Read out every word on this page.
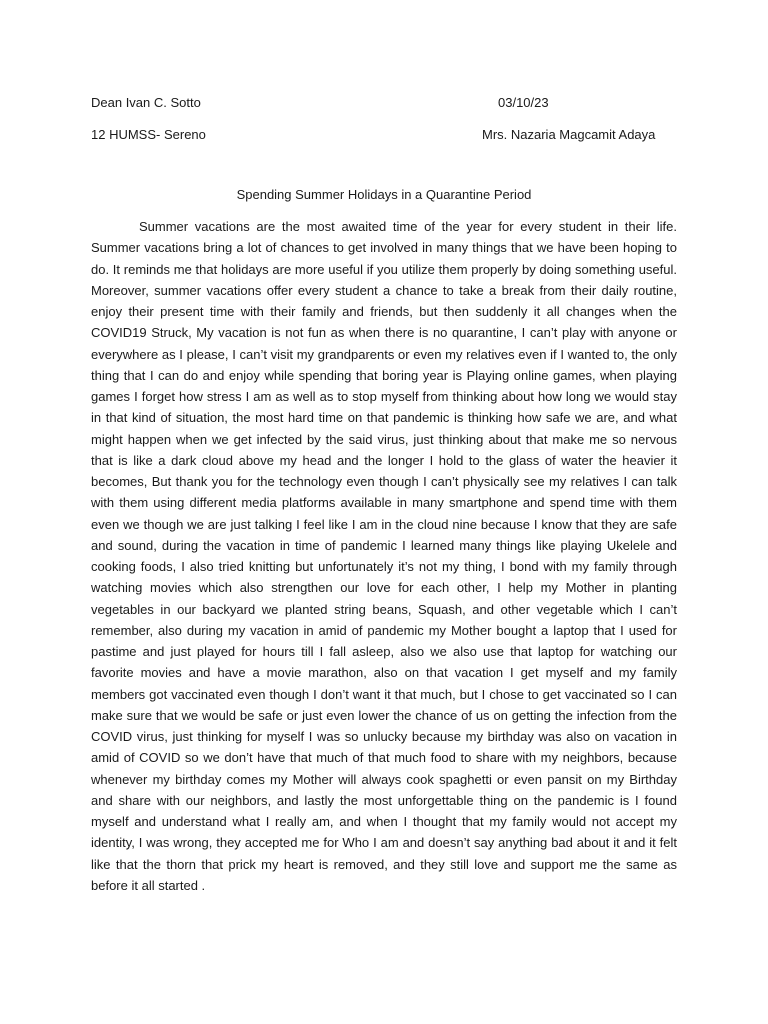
Dean Ivan C. Sotto	03/10/23
12 HUMSS- Sereno	Mrs. Nazaria Magcamit Adaya
Spending Summer Holidays in a Quarantine Period

Summer vacations are the most awaited time of the year for every student in their life. Summer vacations bring a lot of chances to get involved in many things that we have been hoping to do. It reminds me that holidays are more useful if you utilize them properly by doing something useful. Moreover, summer vacations offer every student a chance to take a break from their daily routine, enjoy their present time with their family and friends, but then suddenly it all changes when the COVID19 Struck, My vacation is not fun as when there is no quarantine, I can’t play with anyone or everywhere as I please, I can’t visit my grandparents or even my relatives even if I wanted to, the only thing that I can do and enjoy while spending that boring year is Playing online games, when playing games I forget how stress I am as well as to stop myself from thinking about how long we would stay in that kind of situation, the most hard time on that pandemic is thinking how safe we are, and what might happen when we get infected by the said virus, just thinking about that make me so nervous that is like a dark cloud above my head and the longer I hold to the glass of water the heavier it becomes, But thank you for the technology even though I can’t physically see my relatives I can talk with them using different media platforms available in many smartphone and spend time with them even we though we are just talking I feel like I am in the cloud nine because I know that they are safe and sound, during the vacation in time of pandemic I learned many things like playing Ukelele and cooking foods, I also tried knitting but unfortunately it’s not my thing, I bond with my family through watching movies which also strengthen our love for each other, I help my Mother in planting vegetables in our backyard we planted string beans, Squash, and other vegetable which I can’t remember, also during my vacation in amid of pandemic my Mother bought a laptop that I used for pastime and just played for hours till I fall asleep, also we also use that laptop for watching our favorite movies and have a movie marathon, also on that vacation I get myself and my family members got vaccinated even though I don’t want it that much, but I chose to get vaccinated so I can make sure that we would be safe or just even lower the chance of us on getting the infection from the COVID virus, just thinking for myself I was so unlucky because my birthday was also on vacation in amid of COVID so we don’t have that much of that much food to share with my neighbors, because whenever my birthday comes my Mother will always cook spaghetti or even pansit on my Birthday and share with our neighbors, and lastly the most unforgettable thing on the pandemic is I found myself and understand what I really am, and when I thought that my family would not accept my identity, I was wrong, they accepted me for Who I am and doesn’t say anything bad about it and it felt like that the thorn that prick my heart is removed, and they still love and support me the same as before it all started .
